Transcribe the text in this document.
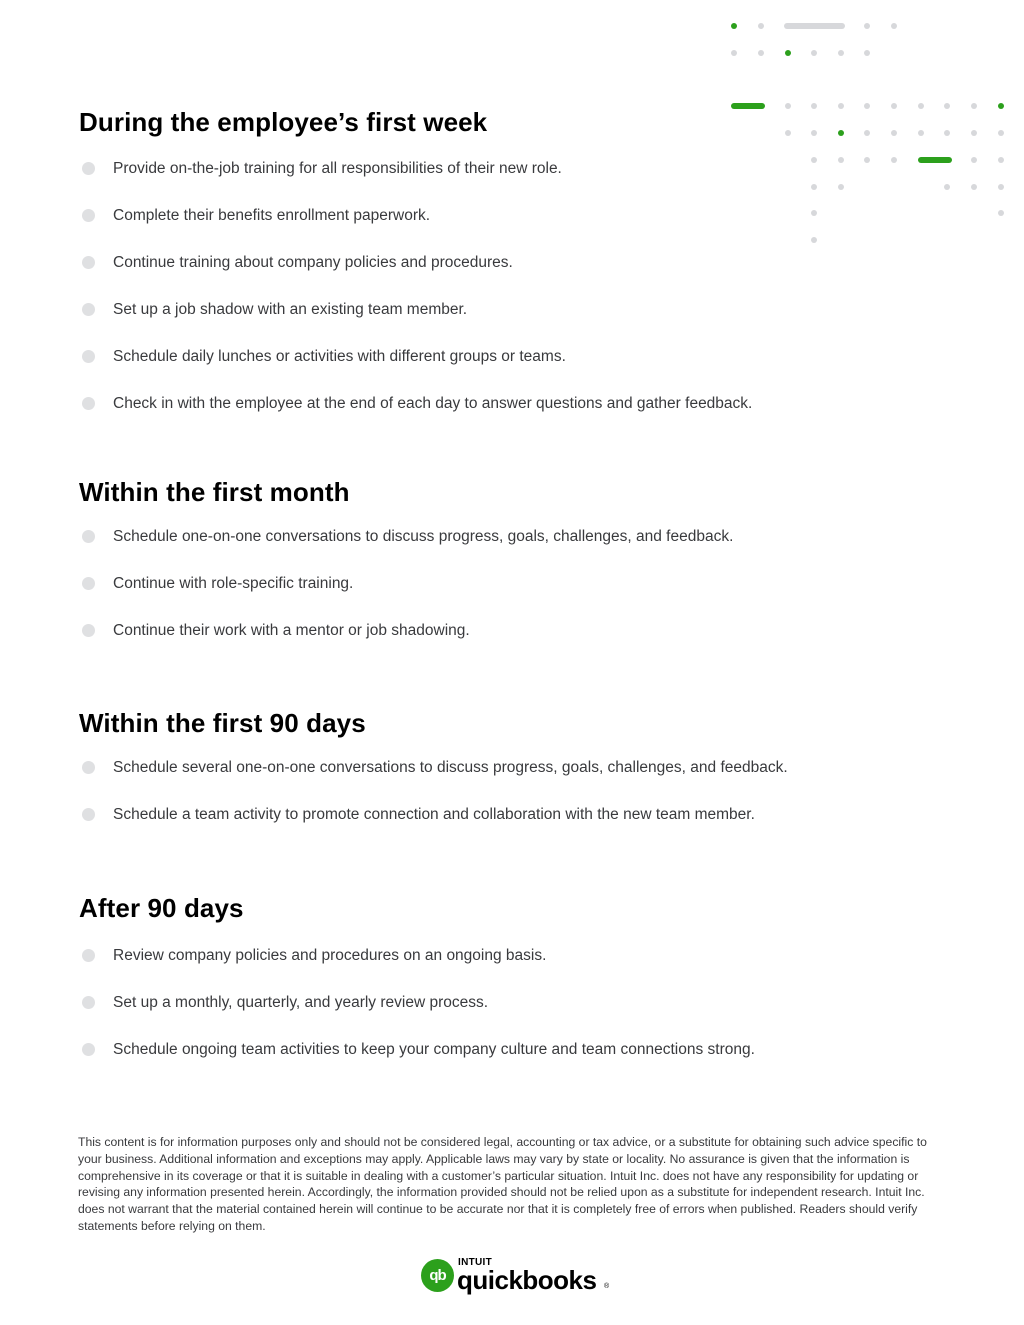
During the employee’s first week
Provide on-the-job training for all responsibilities of their new role.
Complete their benefits enrollment paperwork.
Continue training about company policies and procedures.
Set up a job shadow with an existing team member.
Schedule daily lunches or activities with different groups or teams.
Check in with the employee at the end of each day to answer questions and gather feedback.
Within the first month
Schedule one-on-one conversations to discuss progress, goals, challenges, and feedback.
Continue with role-specific training.
Continue their work with a mentor or job shadowing.
Within the first 90 days
Schedule several one-on-one conversations to discuss progress, goals, challenges, and feedback.
Schedule a team activity to promote connection and collaboration with the new team member.
After 90 days
Review company policies and procedures on an ongoing basis.
Set up a monthly, quarterly, and yearly review process.
Schedule ongoing team activities to keep your company culture and team connections strong.
This content is for information purposes only and should not be considered legal, accounting or tax advice, or a substitute for obtaining such advice specific to your business. Additional information and exceptions may apply. Applicable laws may vary by state or locality. No assurance is given that the information is comprehensive in its coverage or that it is suitable in dealing with a customer’s particular situation. Intuit Inc. does not have any responsibility for updating or revising any information presented herein. Accordingly, the information provided should not be relied upon as a substitute for independent research. Intuit Inc. does not warrant that the material contained herein will continue to be accurate nor that it is completely free of errors when published. Readers should verify statements before relying on them.
qb
INTUIT
quickbooks ®
